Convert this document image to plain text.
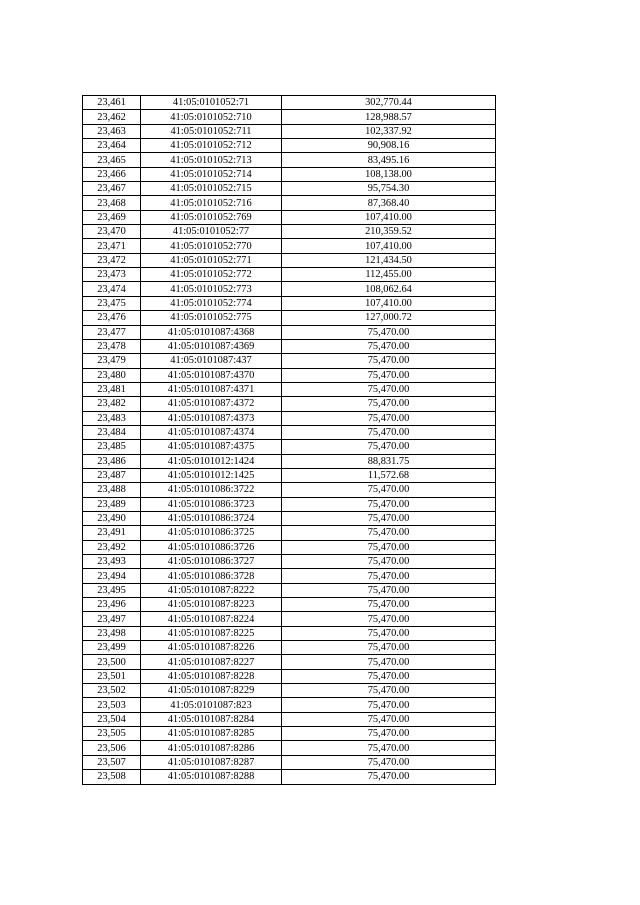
23,461	41:05:0101052:71	302,770.44
23,462	41:05:0101052:710	128,988.57
23,463	41:05:0101052:711	102,337.92
23,464	41:05:0101052:712	90,908.16
23,465	41:05:0101052:713	83,495.16
23,466	41:05:0101052:714	108,138.00
23,467	41:05:0101052:715	95,754.30
23,468	41:05:0101052:716	87,368.40
23,469	41:05:0101052:769	107,410.00
23,470	41:05:0101052:77	210,359.52
23,471	41:05:0101052:770	107,410.00
23,472	41:05:0101052:771	121,434.50
23,473	41:05:0101052:772	112,455.00
23,474	41:05:0101052:773	108,062.64
23,475	41:05:0101052:774	107,410.00
23,476	41:05:0101052:775	127,000.72
23,477	41:05:0101087:4368	75,470.00
23,478	41:05:0101087:4369	75,470.00
23,479	41:05:0101087:437	75,470.00
23,480	41:05:0101087:4370	75,470.00
23,481	41:05:0101087:4371	75,470.00
23,482	41:05:0101087:4372	75,470.00
23,483	41:05:0101087:4373	75,470.00
23,484	41:05:0101087:4374	75,470.00
23,485	41:05:0101087:4375	75,470.00
23,486	41:05:0101012:1424	88,831.75
23,487	41:05:0101012:1425	11,572.68
23,488	41:05:0101086:3722	75,470.00
23,489	41:05:0101086:3723	75,470.00
23,490	41:05:0101086:3724	75,470.00
23,491	41:05:0101086:3725	75,470.00
23,492	41:05:0101086:3726	75,470.00
23,493	41:05:0101086:3727	75,470.00
23,494	41:05:0101086:3728	75,470.00
23,495	41:05:0101087:8222	75,470.00
23,496	41:05:0101087:8223	75,470.00
23,497	41:05:0101087:8224	75,470.00
23,498	41:05:0101087:8225	75,470.00
23,499	41:05:0101087:8226	75,470.00
23,500	41:05:0101087:8227	75,470.00
23,501	41:05:0101087:8228	75,470.00
23,502	41:05:0101087:8229	75,470.00
23,503	41:05:0101087:823	75,470.00
23,504	41:05:0101087:8284	75,470.00
23,505	41:05:0101087:8285	75,470.00
23,506	41:05:0101087:8286	75,470.00
23,507	41:05:0101087:8287	75,470.00
23,508	41:05:0101087:8288	75,470.00
